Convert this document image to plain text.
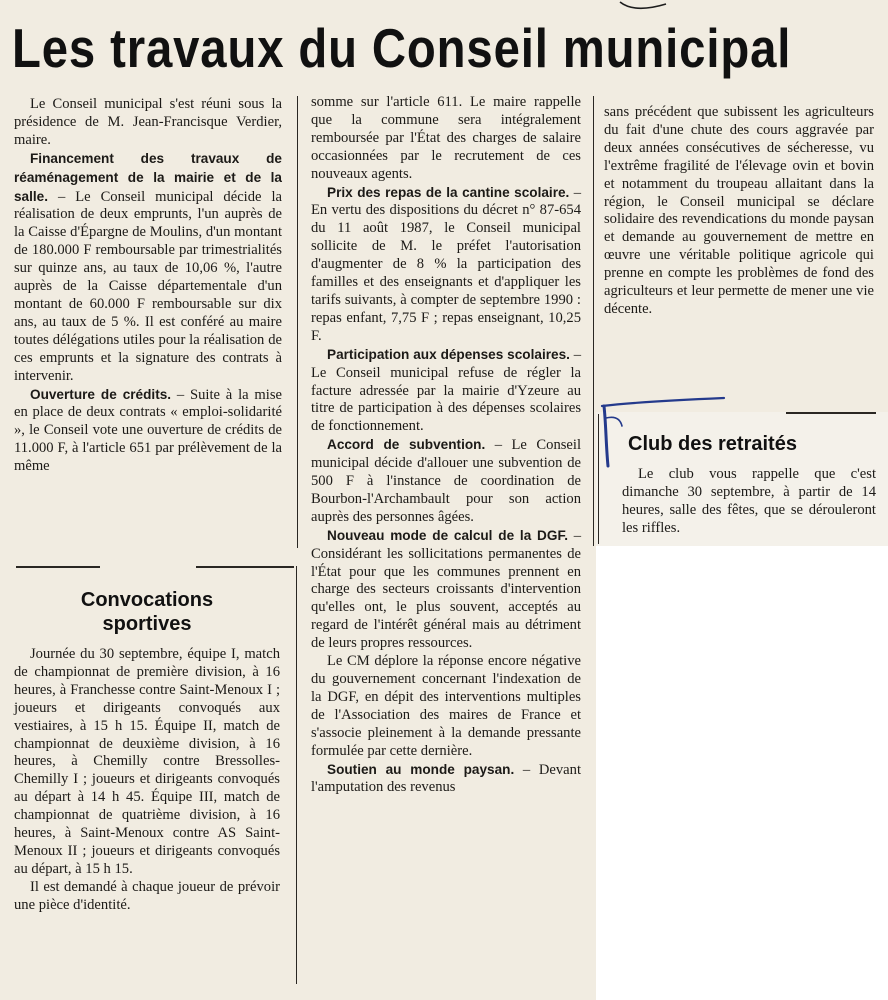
Les travaux du Conseil municipal

Le Conseil municipal s'est réuni sous la présidence de M. Jean-Francisque Verdier, maire.

Financement des travaux de réaménagement de la mairie et de la salle. – Le Conseil municipal décide la réalisation de deux emprunts, l'un auprès de la Caisse d'Épargne de Moulins, d'un montant de 180.000 F remboursable par trimestrialités sur quinze ans, au taux de 10,06 %, l'autre auprès de la Caisse départementale d'un montant de 60.000 F remboursable sur dix ans, au taux de 5 %. Il est conféré au maire toutes délégations utiles pour la réalisation de ces emprunts et la signature des contrats à intervenir.

Ouverture de crédits. – Suite à la mise en place de deux contrats « emploi-solidarité », le Conseil vote une ouverture de crédits de 11.000 F, à l'article 651 par prélèvement de la même

somme sur l'article 611. Le maire rappelle que la commune sera intégralement remboursée par l'État des charges de salaire occasionnées par le recrutement de ces nouveaux agents.

Prix des repas de la cantine scolaire. – En vertu des dispositions du décret n° 87-654 du 11 août 1987, le Conseil municipal sollicite de M. le préfet l'autorisation d'augmenter de 8 % la participation des familles et des enseignants et d'appliquer les tarifs suivants, à compter de septembre 1990 : repas enfant, 7,75 F ; repas enseignant, 10,25 F.

Participation aux dépenses scolaires. – Le Conseil municipal refuse de régler la facture adressée par la mairie d'Yzeure au titre de participation à des dépenses scolaires de fonctionnement.

Accord de subvention. – Le Conseil municipal décide d'allouer une subvention de 500 F à l'instance de coordination de Bourbon-l'Archambault pour son action auprès des personnes âgées.

Nouveau mode de calcul de la DGF. – Considérant les sollicitations permanentes de l'État pour que les communes prennent en charge des secteurs croissants d'intervention qu'elles ont, le plus souvent, acceptés au regard de l'intérêt général mais au détriment de leurs propres ressources.

Le CM déplore la réponse encore négative du gouvernement concernant l'indexation de la DGF, en dépit des interventions multiples de l'Association des maires de France et s'associe pleinement à la demande pressante formulée par cette dernière.

Soutien au monde paysan. – Devant l'amputation des revenus

sans précédent que subissent les agriculteurs du fait d'une chute des cours aggravée par deux années consécutives de sécheresse, vu l'extrême fragilité de l'élevage ovin et bovin et notamment du troupeau allaitant dans la région, le Conseil municipal se déclare solidaire des revendications du monde paysan et demande au gouvernement de mettre en œuvre une véritable politique agricole qui prenne en compte les problèmes de fond des agriculteurs et leur permette de mener une vie décente.

Convocations
sportives

Journée du 30 septembre, équipe I, match de championnat de première division, à 16 heures, à Franchesse contre Saint-Menoux I ; joueurs et dirigeants convoqués aux vestiaires, à 15 h 15. Équipe II, match de championnat de deuxième division, à 16 heures, à Chemilly contre Bressolles-Chemilly I ; joueurs et dirigeants convoqués au départ à 14 h 45. Équipe III, match de championnat de quatrième division, à 16 heures, à Saint-Menoux contre AS Saint-Menoux II ; joueurs et dirigeants convoqués au départ, à 15 h 15.

Il est demandé à chaque joueur de prévoir une pièce d'identité.

Club des retraités

Le club vous rappelle que c'est dimanche 30 septembre, à partir de 14 heures, salle des fêtes, que se dérouleront les riffles.
